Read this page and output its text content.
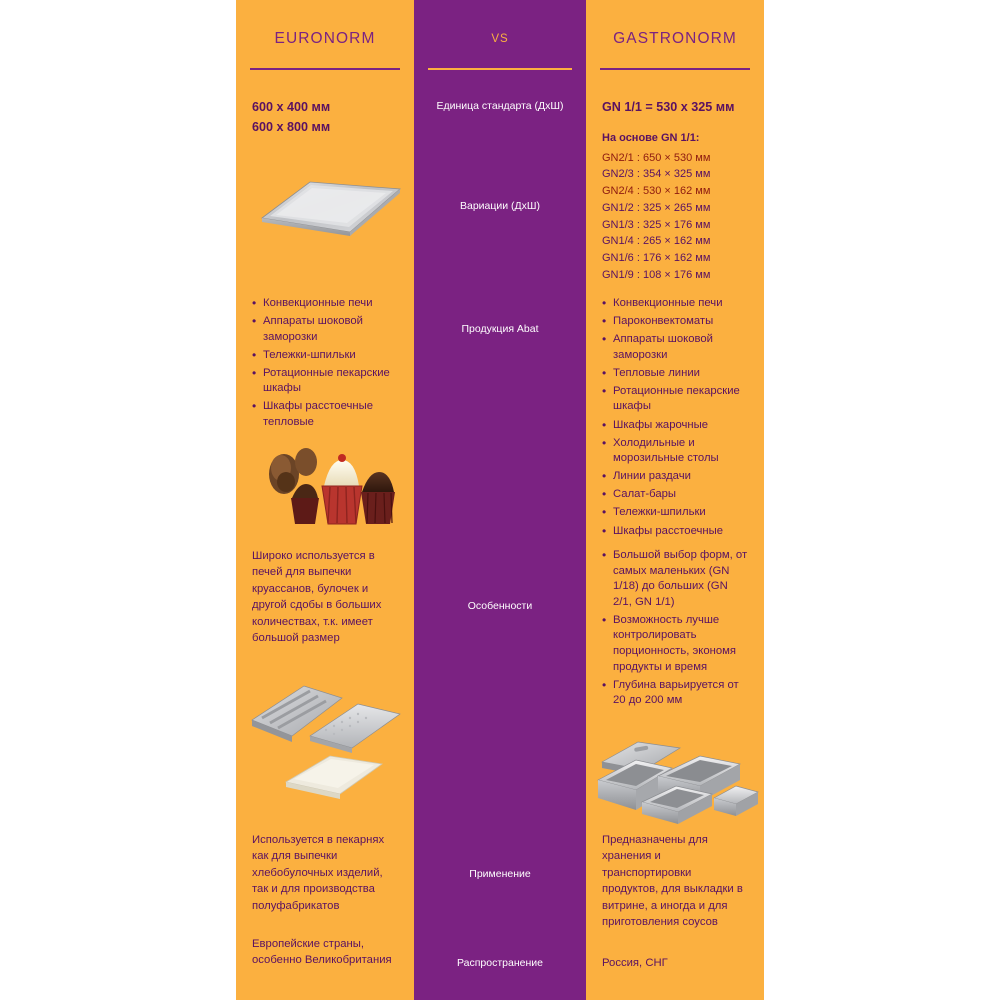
EURONORM
600 x 400 мм
600 x 800 мм
• Конвекционные печи
• Аппараты шоковой заморозки
• Тележки-шпильки
• Ротационные пекарские шкафы
• Шкафы расстоечные тепловые
Широко используется в печей для выпечки круассанов, булочек и другой сдобы в больших количествах, т.к. имеет большой размер
Используется в пекарнях как для выпечки хлебобулочных изделий, так и для производства полуфабрикатов
Европейские страны, особенно Великобритания
VS
Единица стандарта (ДхШ)
Вариации (ДхШ)
Продукция Abat
Особенности
Применение
Распространение
GASTRONORM
GN 1/1 = 530 x 325 мм
На основе GN 1/1:
GN2/1 : 650 × 530 мм
GN2/3 : 354 × 325 мм
GN2/4 : 530 × 162 мм
GN1/2 : 325 × 265 мм
GN1/3 : 325 × 176 мм
GN1/4 : 265 × 162 мм
GN1/6 : 176 × 162 мм
GN1/9 : 108 × 176 мм
• Конвекционные печи
• Пароконвектоматы
• Аппараты шоковой заморозки
• Тепловые линии
• Ротационные пекарские шкафы
• Шкафы жарочные
• Холодильные и морозильные столы
• Линии раздачи
• Салат-бары
• Тележки-шпильки
• Шкафы расстоечные
• Большой выбор форм, от самых маленьких (GN 1/18) до больших (GN 2/1, GN 1/1)
• Возможность лучше контролировать порционность, экономя продукты и время
• Глубина варьируется от 20 до 200 мм
Предназначены для хранения и транспортировки продуктов, для выкладки в витрине, а иногда и для приготовления соусов
Россия, СНГ
